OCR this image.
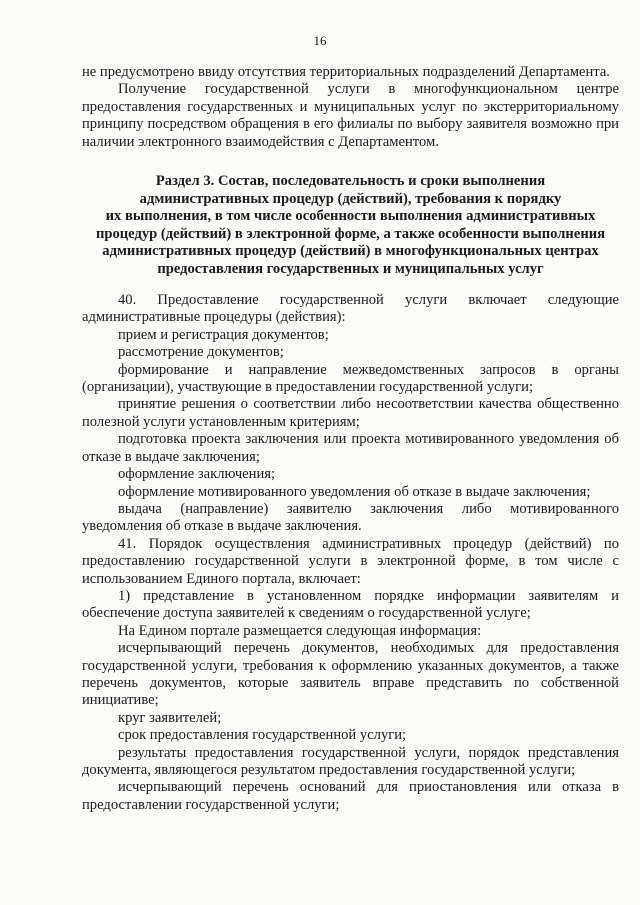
16

не предусмотрено ввиду отсутствия территориальных подразделений Департамента.

Получение государственной услуги в многофункциональном центре предоставления государственных и муниципальных услуг по экстерриториальному принципу посредством обращения в его филиалы по выбору заявителя возможно при наличии электронного взаимодействия с Департаментом.

Раздел 3. Состав, последовательность и сроки выполнения
административных процедур (действий), требования к порядку
их выполнения, в том числе особенности выполнения административных
процедур (действий) в электронной форме, а также особенности выполнения
административных процедур (действий) в многофункциональных центрах
предоставления государственных и муниципальных услуг

40. Предоставление государственной услуги включает следующие административные процедуры (действия):

прием и регистрация документов;

рассмотрение документов;

формирование и направление межведомственных запросов в органы (организации), участвующие в предоставлении государственной услуги;

принятие решения о соответствии либо несоответствии качества общественно полезной услуги установленным критериям;

подготовка проекта заключения или проекта мотивированного уведомления об отказе в выдаче заключения;

оформление заключения;

оформление мотивированного уведомления об отказе в выдаче заключения;

выдача (направление) заявителю заключения либо мотивированного уведомления об отказе в выдаче заключения.

41. Порядок осуществления административных процедур (действий) по предоставлению государственной услуги в электронной форме, в том числе с использованием Единого портала, включает:

1) представление в установленном порядке информации заявителям и обеспечение доступа заявителей к сведениям о государственной услуге;

На Едином портале размещается следующая информация:

исчерпывающий перечень документов, необходимых для предоставления государственной услуги, требования к оформлению указанных документов, а также перечень документов, которые заявитель вправе представить по собственной инициативе;

круг заявителей;

срок предоставления государственной услуги;

результаты предоставления государственной услуги, порядок представления документа, являющегося результатом предоставления государственной услуги;

исчерпывающий перечень оснований для приостановления или отказа в предоставлении государственной услуги;
